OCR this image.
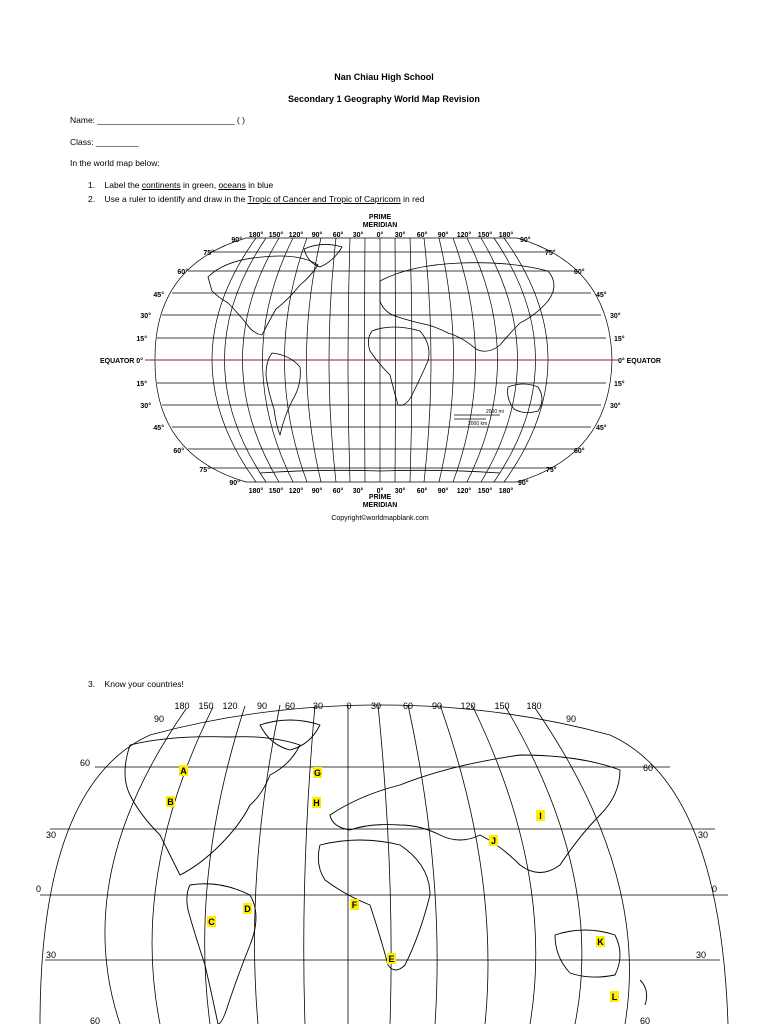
Nan Chiau High School
Secondary 1 Geography World Map Revision
Name: _____________________________ ( )
Class: _________
In the world map below:
1. Label the continents in green, oceans in blue
2. Use a ruler to identify and draw in the Tropic of Cancer and Tropic of Capricorn in red
2000 mi
2000 km
PRIME
MERIDIAN
PRIME
MERIDIAN
Copyright©worldmapblank.com
180° 150° 120° 90° 60° 30° 0° 30° 60° 90° 120° 150° 180°
180° 150° 120° 90° 60° 30° 0° 30° 60° 90° 120° 150° 180°
90°
75°
60°
45°
30°
15°
EQUATOR 0°
15°
30°
45°
60°
75°
90°
90°
75°
60°
45°
30°
15°
0° EQUATOR
15°
30°
45°
60°
75°
90°
3. Know your countries!
180 150 120 90 60 30	0 30 60 90 120 150 180
90	90
60	60
30	30
0	0
30	30
60	60
A
B
C
D
E
F
G
H
I
J
K
L
